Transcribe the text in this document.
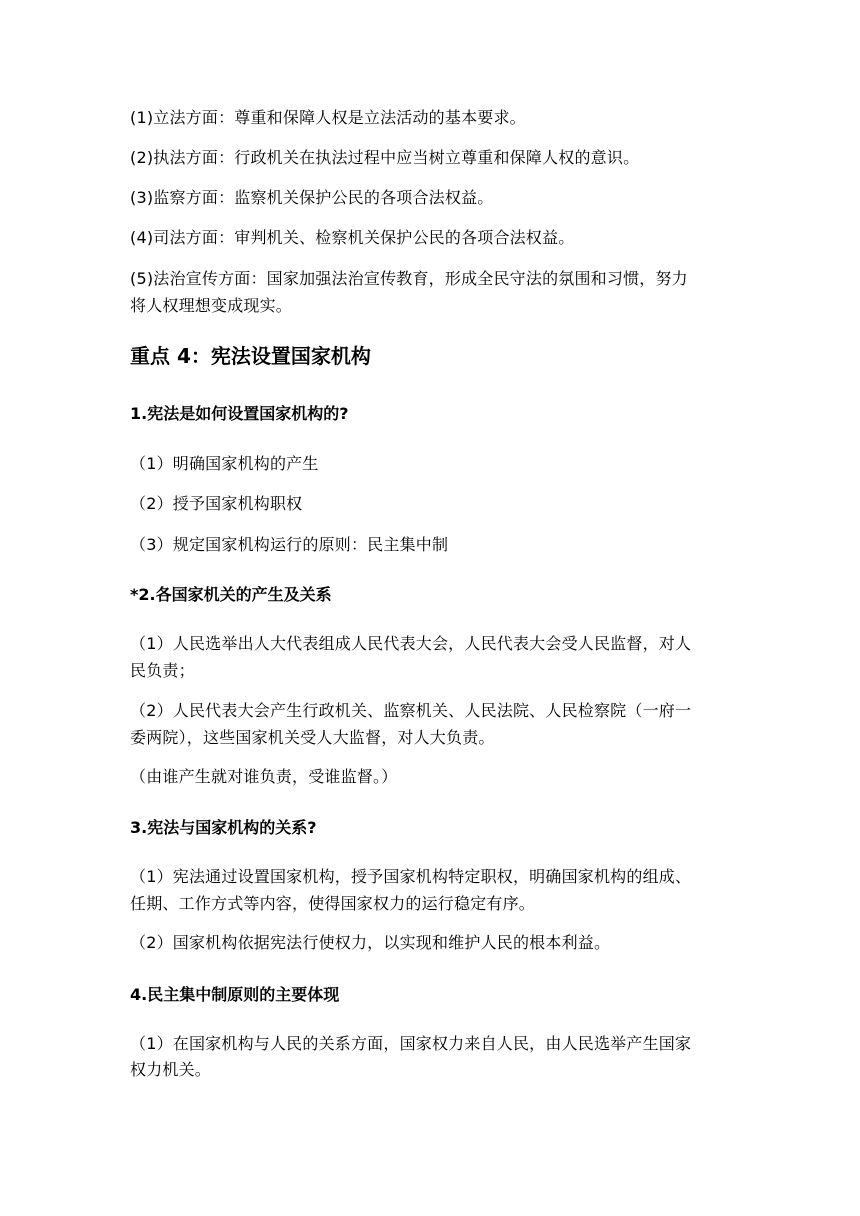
(1)立法方面：尊重和保障人权是立法活动的基本要求。
(2)执法方面：行政机关在执法过程中应当树立尊重和保障人权的意识。
(3)监察方面：监察机关保护公民的各项合法权益。
(4)司法方面：审判机关、检察机关保护公民的各项合法权益。
(5)法治宣传方面：国家加强法治宣传教育，形成全民守法的氛围和习惯，努力
将人权理想变成现实。
重点 4：宪法设置国家机构
1.宪法是如何设置国家机构的?
（1）明确国家机构的产生
（2）授予国家机构职权
（3）规定国家机构运行的原则：民主集中制
*2.各国家机关的产生及关系
（1）人民选举出人大代表组成人民代表大会，人民代表大会受人民监督，对人
民负责；
（2）人民代表大会产生行政机关、监察机关、人民法院、人民检察院（一府一
委两院），这些国家机关受人大监督，对人大负责。
（由谁产生就对谁负责，受谁监督。）
3.宪法与国家机构的关系?
（1）宪法通过设置国家机构，授予国家机构特定职权，明确国家机构的组成、
任期、工作方式等内容，使得国家权力的运行稳定有序。
（2）国家机构依据宪法行使权力，以实现和维护人民的根本利益。
4.民主集中制原则的主要体现
（1）在国家机构与人民的关系方面，国家权力来自人民，由人民选举产生国家
权力机关。
